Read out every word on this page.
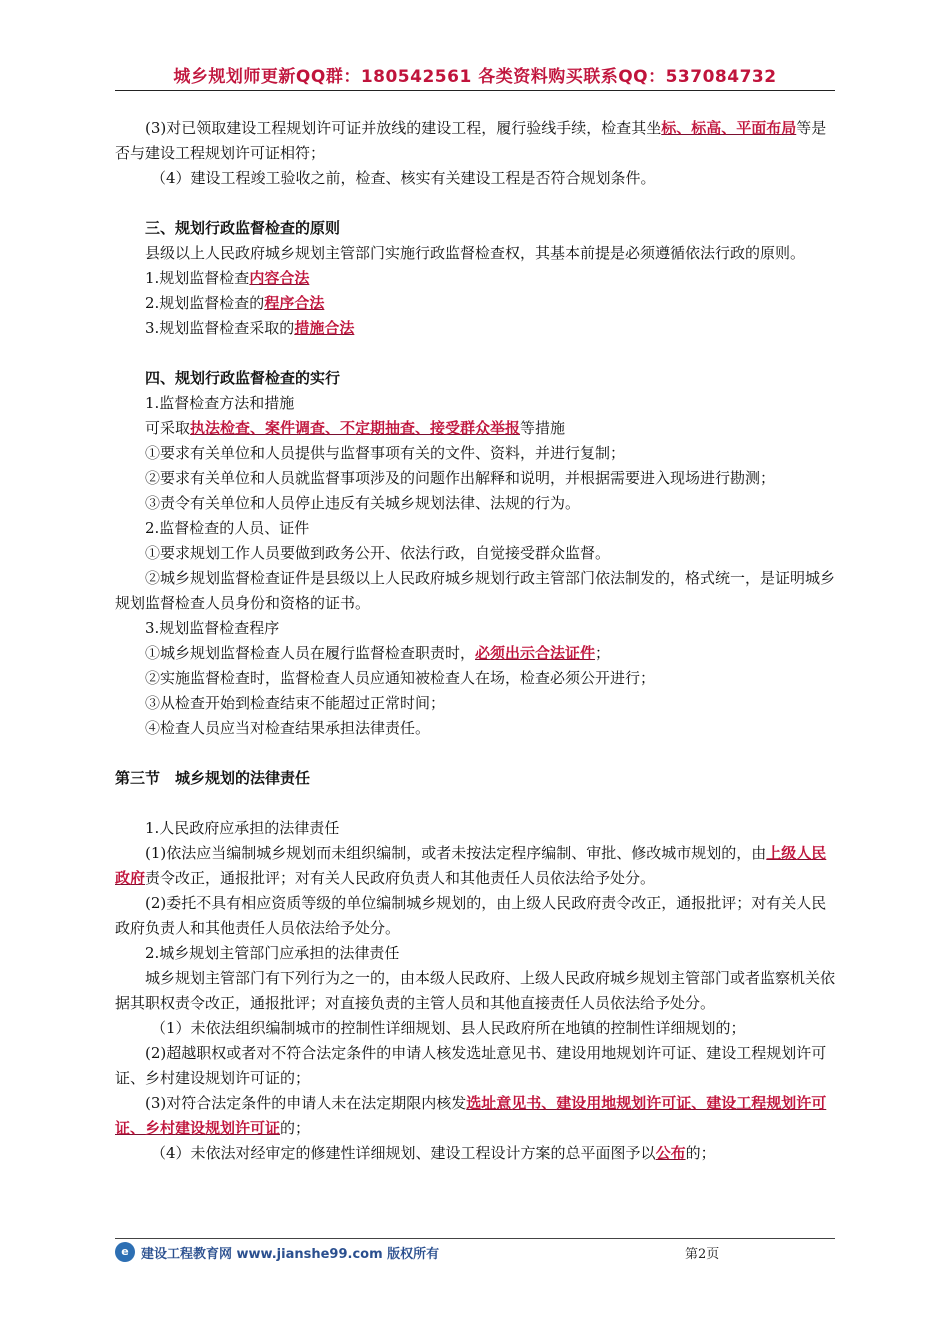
城乡规划师更新QQ群：180542561 各类资料购买联系QQ：537084732

(3)对已领取建设工程规划许可证并放线的建设工程，履行验线手续，检查其坐标、标高、平面布局等是否与建设工程规划许可证相符；

（4）建设工程竣工验收之前，检查、核实有关建设工程是否符合规划条件。

三、规划行政监督检查的原则

县级以上人民政府城乡规划主管部门实施行政监督检查权，其基本前提是必须遵循依法行政的原则。

1.规划监督检查内容合法

2.规划监督检查的程序合法

3.规划监督检查采取的措施合法

四、规划行政监督检查的实行

1.监督检查方法和措施

可采取执法检查、案件调查、不定期抽查、接受群众举报等措施

①要求有关单位和人员提供与监督事项有关的文件、资料，并进行复制；

②要求有关单位和人员就监督事项涉及的问题作出解释和说明，并根据需要进入现场进行勘测；

③责令有关单位和人员停止违反有关城乡规划法律、法规的行为。

2.监督检查的人员、证件

①要求规划工作人员要做到政务公开、依法行政，自觉接受群众监督。

②城乡规划监督检查证件是县级以上人民政府城乡规划行政主管部门依法制发的，格式统一，是证明城乡规划监督检查人员身份和资格的证书。

3.规划监督检查程序

①城乡规划监督检查人员在履行监督检查职责时，必须出示合法证件；

②实施监督检查时，监督检查人员应通知被检查人在场，检查必须公开进行；

③从检查开始到检查结束不能超过正常时间；

④检查人员应当对检查结果承担法律责任。

第三节　城乡规划的法律责任

1.人民政府应承担的法律责任

(1)依法应当编制城乡规划而未组织编制，或者未按法定程序编制、审批、修改城市规划的，由上级人民政府责令改正，通报批评；对有关人民政府负责人和其他责任人员依法给予处分。

(2)委托不具有相应资质等级的单位编制城乡规划的，由上级人民政府责令改正，通报批评；对有关人民政府负责人和其他责任人员依法给予处分。

2.城乡规划主管部门应承担的法律责任

城乡规划主管部门有下列行为之一的，由本级人民政府、上级人民政府城乡规划主管部门或者监察机关依据其职权责令改正，通报批评；对直接负责的主管人员和其他直接责任人员依法给予处分。

（1）未依法组织编制城市的控制性详细规划、县人民政府所在地镇的控制性详细规划的；

(2)超越职权或者对不符合法定条件的申请人核发选址意见书、建设用地规划许可证、建设工程规划许可证、乡村建设规划许可证的；

(3)对符合法定条件的申请人未在法定期限内核发选址意见书、建设用地规划许可证、建设工程规划许可证、乡村建设规划许可证的；

（4）未依法对经审定的修建性详细规划、建设工程设计方案的总平面图予以公布的；

e 建设工程教育网 www.jianshe99.com 版权所有	第2页
